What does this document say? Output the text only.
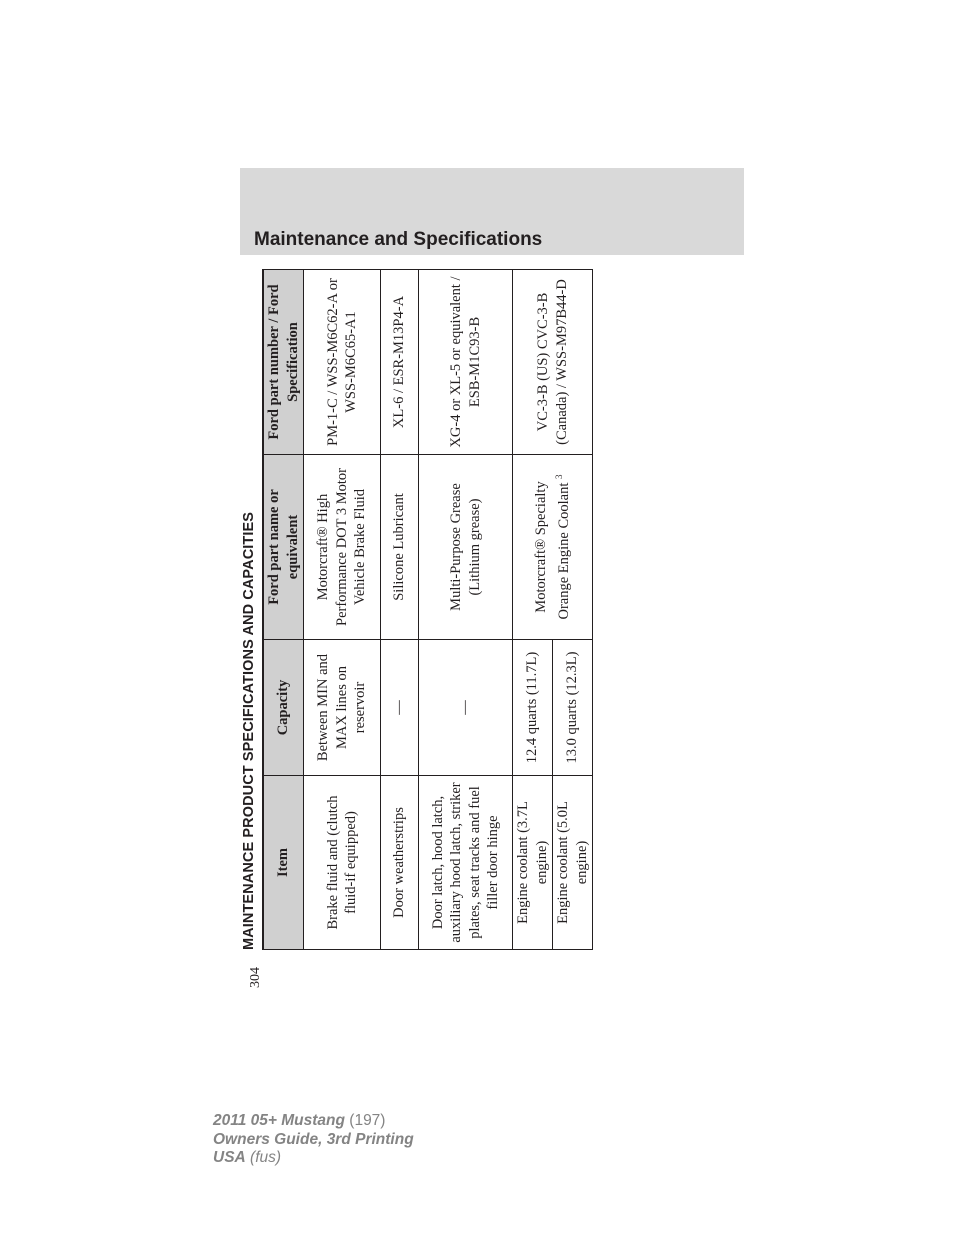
Maintenance and Specifications
MAINTENANCE PRODUCT SPECIFICATIONS AND CAPACITIES
304
Item	Capacity	Ford part name or equivalent	Ford part number / Ford Specification
Brake fluid and (clutch fluid-if equipped)	Between MIN and MAX lines on reservoir	Motorcraft® High Performance DOT 3 Motor Vehicle Brake Fluid	PM-1-C / WSS-M6C62-A or WSS-M6C65-A1
Door weatherstrips	—	Silicone Lubricant	XL-6 / ESR-M13P4-A
Door latch, hood latch, auxiliary hood latch, striker plates, seat tracks and fuel filler door hinge	—	Multi-Purpose Grease (Lithium grease)	XG-4 or XL-5 or equivalent / ESB-M1C93-B
Engine coolant (3.7L engine)	12.4 quarts (11.7L)	Motorcraft® Specialty Orange Engine Coolant $^3$	VC-3-B (US) CVC-3-B (Canada) / WSS-M97B44-D
Engine coolant (5.0L engine)	13.0 quarts (12.3L)		
2011 05+ Mustang (197)
Owners Guide, 3rd Printing
USA (fus)
